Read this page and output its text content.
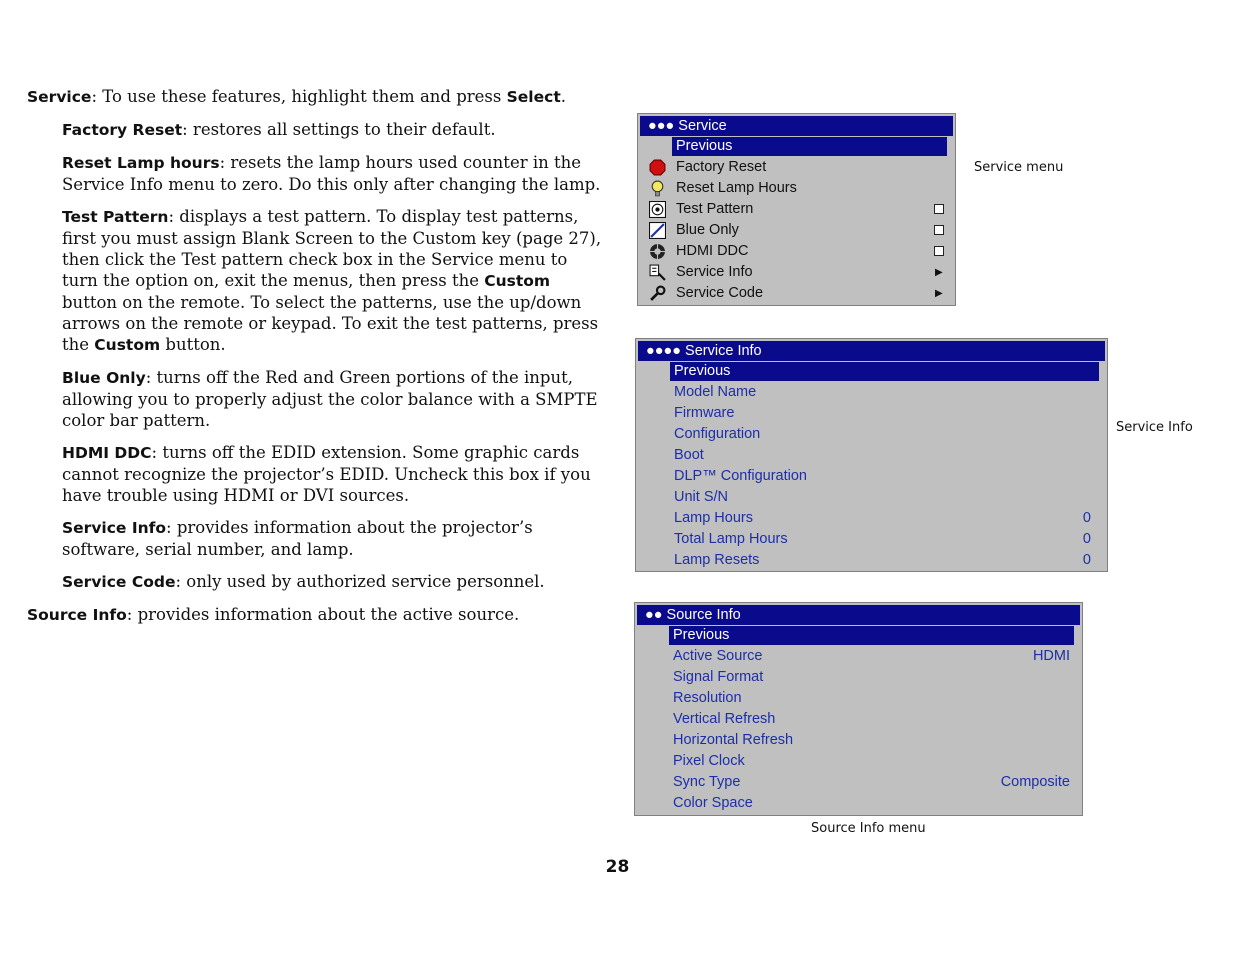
Service: To use these features, highlight them and press Select.

Factory Reset: restores all settings to their default.

Reset Lamp hours: resets the lamp hours used counter in the Service Info menu to zero. Do this only after changing the lamp.

Test Pattern: displays a test pattern. To display test patterns, first you must assign Blank Screen to the Custom key (page 27), then click the Test pattern check box in the Service menu to turn the option on, exit the menus, then press the Custom button on the remote. To select the patterns, use the up/down arrows on the remote or keypad. To exit the test patterns, press the Custom button.

Blue Only: turns off the Red and Green portions of the input, allowing you to properly adjust the color balance with a SMPTE color bar pattern.

HDMI DDC: turns off the EDID extension. Some graphic cards cannot recognize the projector’s EDID. Uncheck this box if you have trouble using HDMI or DVI sources.

Service Info: provides information about the projector’s software, serial number, and lamp.

Service Code: only used by authorized service personnel.

Source Info: provides information about the active source.

●●● Service
Previous
Factory Reset
Reset Lamp Hours
Test Pattern
Blue Only
HDMI DDC
Service Info	▶
Service Code	▶
Service menu
●●●● Service Info
Previous
Model Name
Firmware
Configuration
Boot
DLP™ Configuration
Unit S/N
Lamp Hours	0
Total Lamp Hours	0
Lamp Resets	0
Service Info
●● Source Info
Previous
Active Source	HDMI
Signal Format
Resolution
Vertical Refresh
Horizontal Refresh
Pixel Clock
Sync Type	Composite
Color Space
Source Info menu
28
